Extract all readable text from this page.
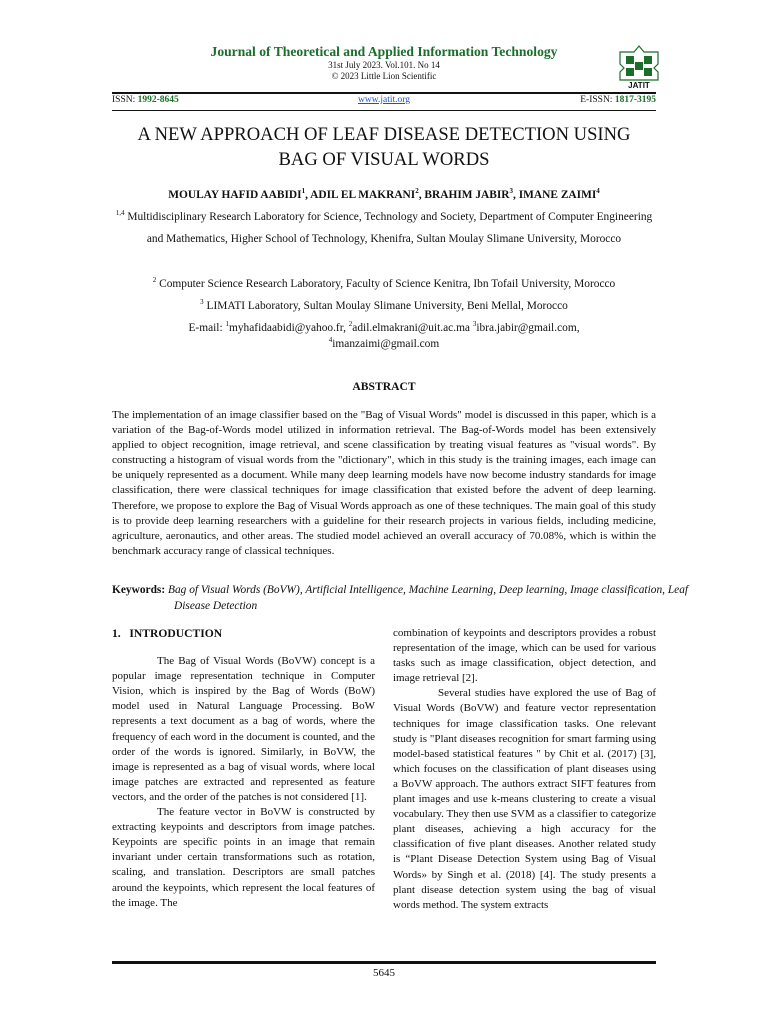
Journal of Theoretical and Applied Information Technology
31st July 2023. Vol.101. No 14
© 2023 Little Lion Scientific
JATIT
ISSN: 1992-8645	www.jatit.org	E-ISSN: 1817-3195
A NEW APPROACH OF LEAF DISEASE DETECTION USING
BAG OF VISUAL WORDS
MOULAY HAFID AABIDI$^1$, ADIL EL MAKRANI$^2$, BRAHIM JABIR$^3$, IMANE ZAIMI$^4$
$^{1,4}$ Multidisciplinary Research Laboratory for Science, Technology and Society, Department of Computer Engineering and Mathematics, Higher School of Technology, Khenifra, Sultan Moulay Slimane University, Morocco
$^2$ Computer Science Research Laboratory, Faculty of Science Kenitra, Ibn Tofail University, Morocco
$^3$ LIMATI Laboratory, Sultan Moulay Slimane University, Beni Mellal, Morocco
E-mail: $^1$myhafidaabidi@yahoo.fr, $^2$adil.elmakrani@uit.ac.ma $^3$ibra.jabir@gmail.com,
$^4$imanzaimi@gmail.com
ABSTRACT
The implementation of an image classifier based on the "Bag of Visual Words" model is discussed in this paper, which is a variation of the Bag-of-Words model utilized in information retrieval. The Bag-of-Words model has been extensively applied to object recognition, image retrieval, and scene classification by treating visual features as "visual words". By constructing a histogram of visual words from the "dictionary", which in this study is the training images, each image can be uniquely represented as a document. While many deep learning models have now become industry standards for image classification, there were classical techniques for image classification that existed before the advent of deep learning. Therefore, we propose to explore the Bag of Visual Words approach as one of these techniques. The main goal of this study is to provide deep learning researchers with a guideline for their research projects in various fields, including medicine, agriculture, aeronautics, and other areas. The studied model achieved an overall accuracy of 70.08%, which is within the benchmark accuracy range of classical techniques.
Keywords: Bag of Visual Words (BoVW), Artificial Intelligence, Machine Learning, Deep learning, Image classification, Leaf Disease Detection
1.   INTRODUCTION

The Bag of Visual Words (BoVW) concept is a popular image representation technique in Computer Vision, which is inspired by the Bag of Words (BoW) model used in Natural Language Processing. BoW represents a text document as a bag of words, where the frequency of each word in the document is counted, and the order of the words is ignored. Similarly, in BoVW, the image is represented as a bag of visual words, where local image patches are extracted and represented as feature vectors, and the order of the patches is not considered [1].

The feature vector in BoVW is constructed by extracting keypoints and descriptors from image patches. Keypoints are specific points in an image that remain invariant under certain transformations such as rotation, scaling, and translation. Descriptors are small patches around the keypoints, which represent the local features of the image. The

combination of keypoints and descriptors provides a robust representation of the image, which can be used for various tasks such as image classification, object detection, and image retrieval [2].

Several studies have explored the use of Bag of Visual Words (BoVW) and feature vector representation techniques for image classification tasks. One relevant study is "Plant diseases recognition for smart farming using model-based statistical features " by Chit et al. (2017) [3], which focuses on the classification of plant diseases using a BoVW approach. The authors extract SIFT features from plant images and use k-means clustering to create a visual vocabulary. They then use SVM as a classifier to categorize plant diseases, achieving a high accuracy for the classification of five plant diseases. Another related study is “Plant Disease Detection System using Bag of Visual Words» by Singh et al. (2018) [4]. The study presents a plant disease detection system using the bag of visual words method. The system extracts

5645
